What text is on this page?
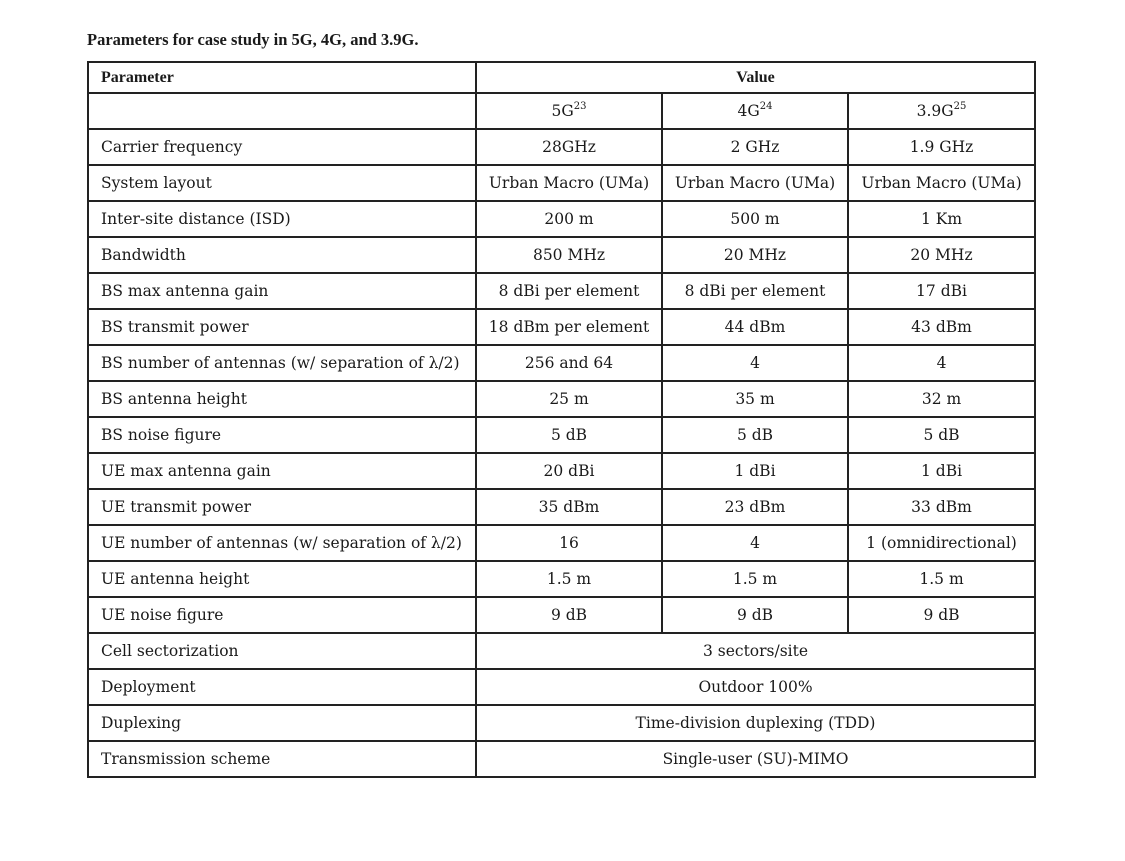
Parameters for case study in 5G, 4G, and 3.9G.
Parameter	Value		
	$5G^{23}$	$4G^{24}$	$3.9G^{25}$
Carrier frequency	28GHz	2 GHz	1.9 GHz
System layout	Urban Macro (UMa)	Urban Macro (UMa)	Urban Macro (UMa)
Inter-site distance (ISD)	200 m	500 m	1 Km
Bandwidth	850 MHz	20 MHz	20 MHz
BS max antenna gain	8 dBi per element	8 dBi per element	17 dBi
BS transmit power	18 dBm per element	44 dBm	43 dBm
BS number of antennas (w/ separation of λ/2)	256 and 64	4	4
BS antenna height	25 m	35 m	32 m
BS noise figure	5 dB	5 dB	5 dB
UE max antenna gain	20 dBi	1 dBi	1 dBi
UE transmit power	35 dBm	23 dBm	33 dBm
UE number of antennas (w/ separation of λ/2)	16	4	1 (omnidirectional)
UE antenna height	1.5 m	1.5 m	1.5 m
UE noise figure	9 dB	9 dB	9 dB
Cell sectorization	3 sectors/site		
Deployment	Outdoor 100%		
Duplexing	Time-division duplexing (TDD)		
Transmission scheme	Single-user (SU)-MIMO		
